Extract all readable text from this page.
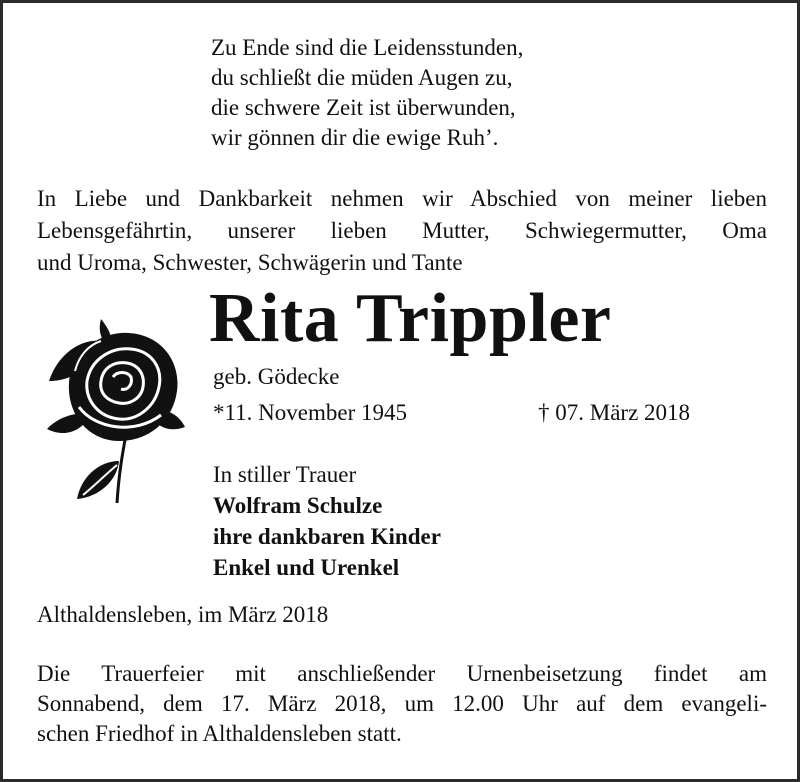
Zu Ende sind die Leidensstunden,
du schließt die müden Augen zu,
die schwere Zeit ist überwunden,
wir gönnen dir die ewige Ruh’.
In Liebe und Dankbarkeit nehmen wir Abschied von meiner lieben
Lebensgefährtin, unserer lieben Mutter, Schwiegermutter, Oma
und Uroma, Schwester, Schwägerin und Tante
Rita Trippler
geb. Gödecke
*11. November 1945	† 07. März 2018
In stiller Trauer
Wolfram Schulze
ihre dankbaren Kinder
Enkel und Urenkel
Althaldensleben, im März 2018
Die Trauerfeier mit anschließender Urnenbeisetzung findet am
Sonnabend, dem 17. März 2018, um 12.00 Uhr auf dem evangeli-
schen Friedhof in Althaldensleben statt.
